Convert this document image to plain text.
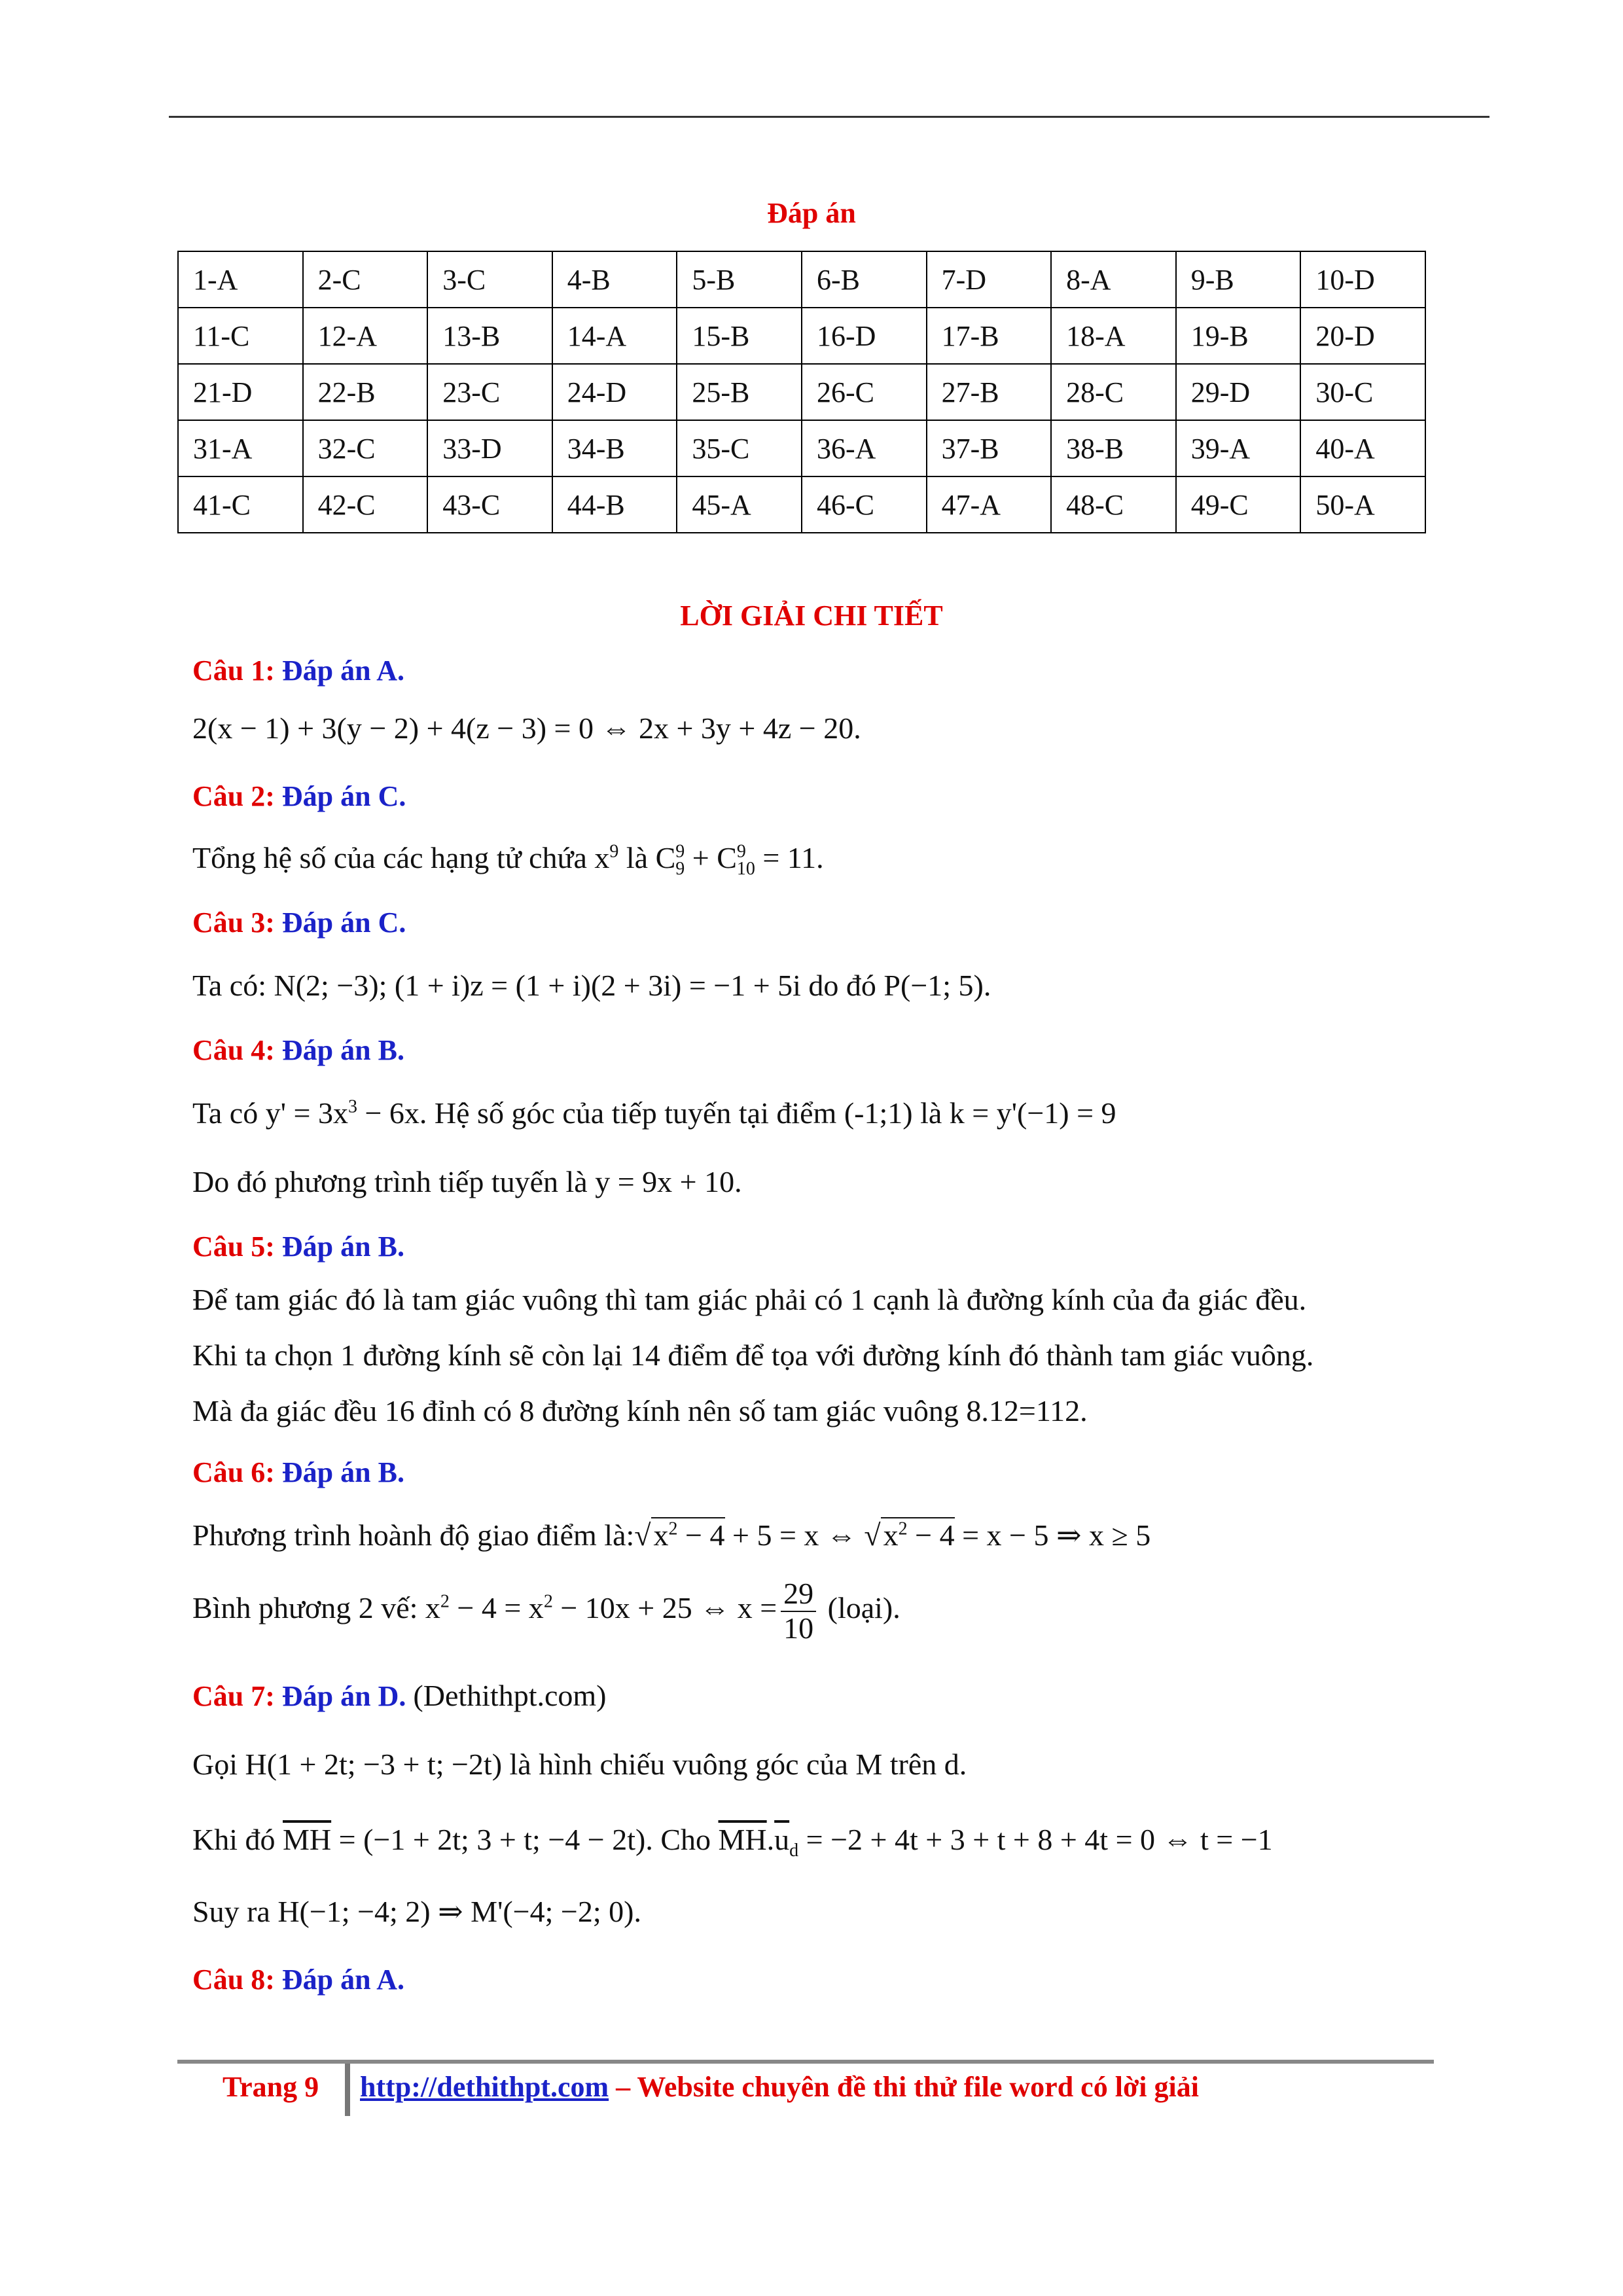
Đáp án
1-A	2-C	3-C	4-B	5-B	6-B	7-D	8-A	9-B	10-D
11-C	12-A	13-B	14-A	15-B	16-D	17-B	18-A	19-B	20-D
21-D	22-B	23-C	24-D	25-B	26-C	27-B	28-C	29-D	30-C
31-A	32-C	33-D	34-B	35-C	36-A	37-B	38-B	39-A	40-A
41-C	42-C	43-C	44-B	45-A	46-C	47-A	48-C	49-C	50-A
LỜI GIẢI CHI TIẾT
Câu 1: Đáp án A.
2(x − 1) + 3(y − 2) + 4(z − 3) = 0 ⇔ 2x + 3y + 4z − 20.
Câu 2: Đáp án C.
Tổng hệ số của các hạng tử chứa $x^9$ là $C^9_9 + C^9_{10} = 11$.
Câu 3: Đáp án C.
Ta có: N(2; −3); (1 + i)z = (1 + i)(2 + 3i) = −1 + 5i do đó P(−1; 5).
Câu 4: Đáp án B.
Ta có $y' = 3x^3 - 6x$. Hệ số góc của tiếp tuyến tại điểm (-1;1) là k = y'(−1) = 9
Do đó phương trình tiếp tuyến là y = 9x + 10.
Câu 5: Đáp án B.
Để tam giác đó là tam giác vuông thì tam giác phải có 1 cạnh là đường kính của đa giác đều.
Khi ta chọn 1 đường kính sẽ còn lại 14 điểm để tọa với đường kính đó thành tam giác vuông.
Mà đa giác đều 16 đỉnh có 8 đường kính nên số tam giác vuông 8.12=112.
Câu 6: Đáp án B.
Phương trình hoành độ giao điểm $là:√x^2 - 4 + 5 = x$ ⇔ $√x^2 - 4 = x - 5$ ⇒ x ≥ 5
Bình phương 2 vế: $x^2 - 4 = x^2 - 10x + 25$ ⇔ $x = \frac{29}{10}$ (loại).
Câu 7: Đáp án D. (Dethithpt.com)
Gọi H(1 + 2t; −3 + t; −2t) là hình chiếu vuông góc của M trên d.
Khi đó $\overline{MH} = (-1 + 2t$; 3 + t; −4 − 2t). Cho $\overline{MH}.\overline{u}_d = -2 + 4t + 3 + t + 8 + 4t = 0$ ⇔ t = −1
Suy ra H(−1; −4; 2) ⇒ M'(−4; −2; 0).
Câu 8: Đáp án A.
Trang 9 http://dethithpt.com – Website chuyên đề thi thử file word có lời giải
